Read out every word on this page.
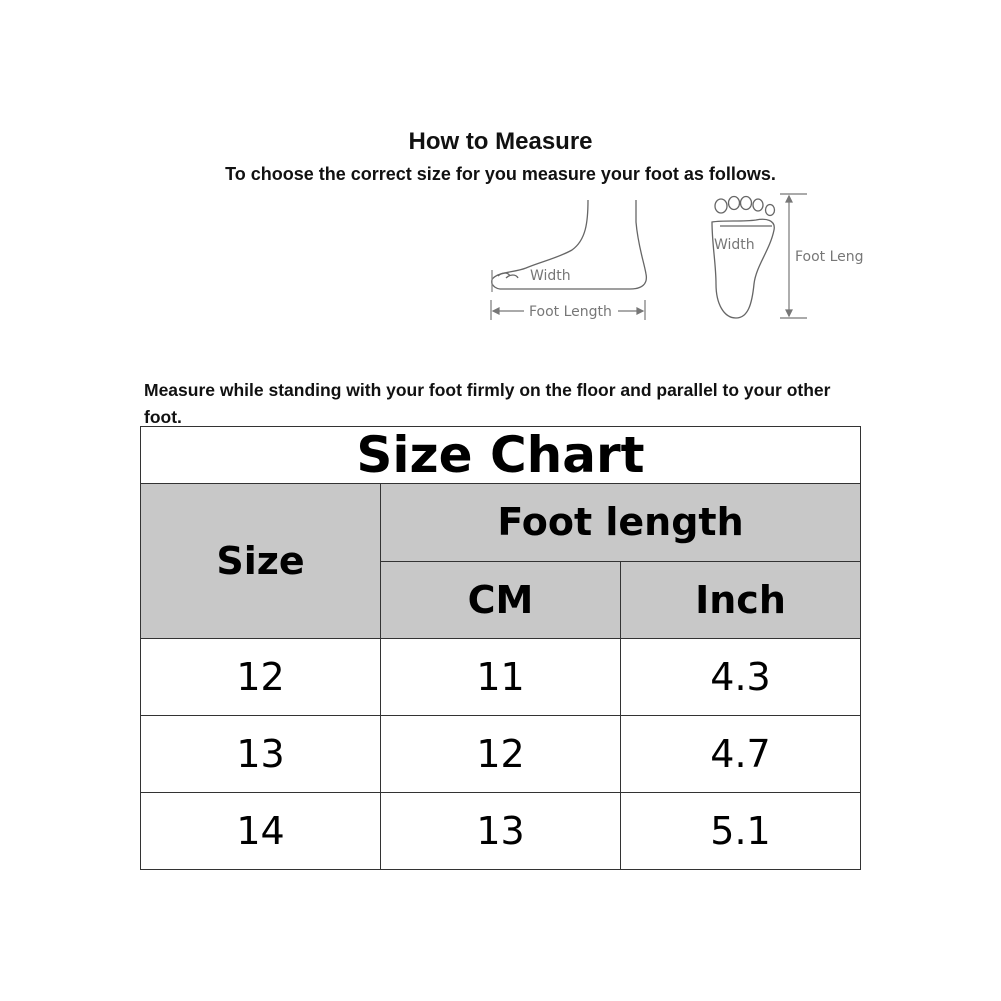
How to Measure
To choose the correct size for you measure your foot as follows.
Width
Foot Length
Width
Foot Leng
Measure while standing with your foot firmly on the floor and parallel to your other foot.
Size Chart		
Size	Foot length	
	CM	Inch
12	11	4.3
13	12	4.7
14	13	5.1
